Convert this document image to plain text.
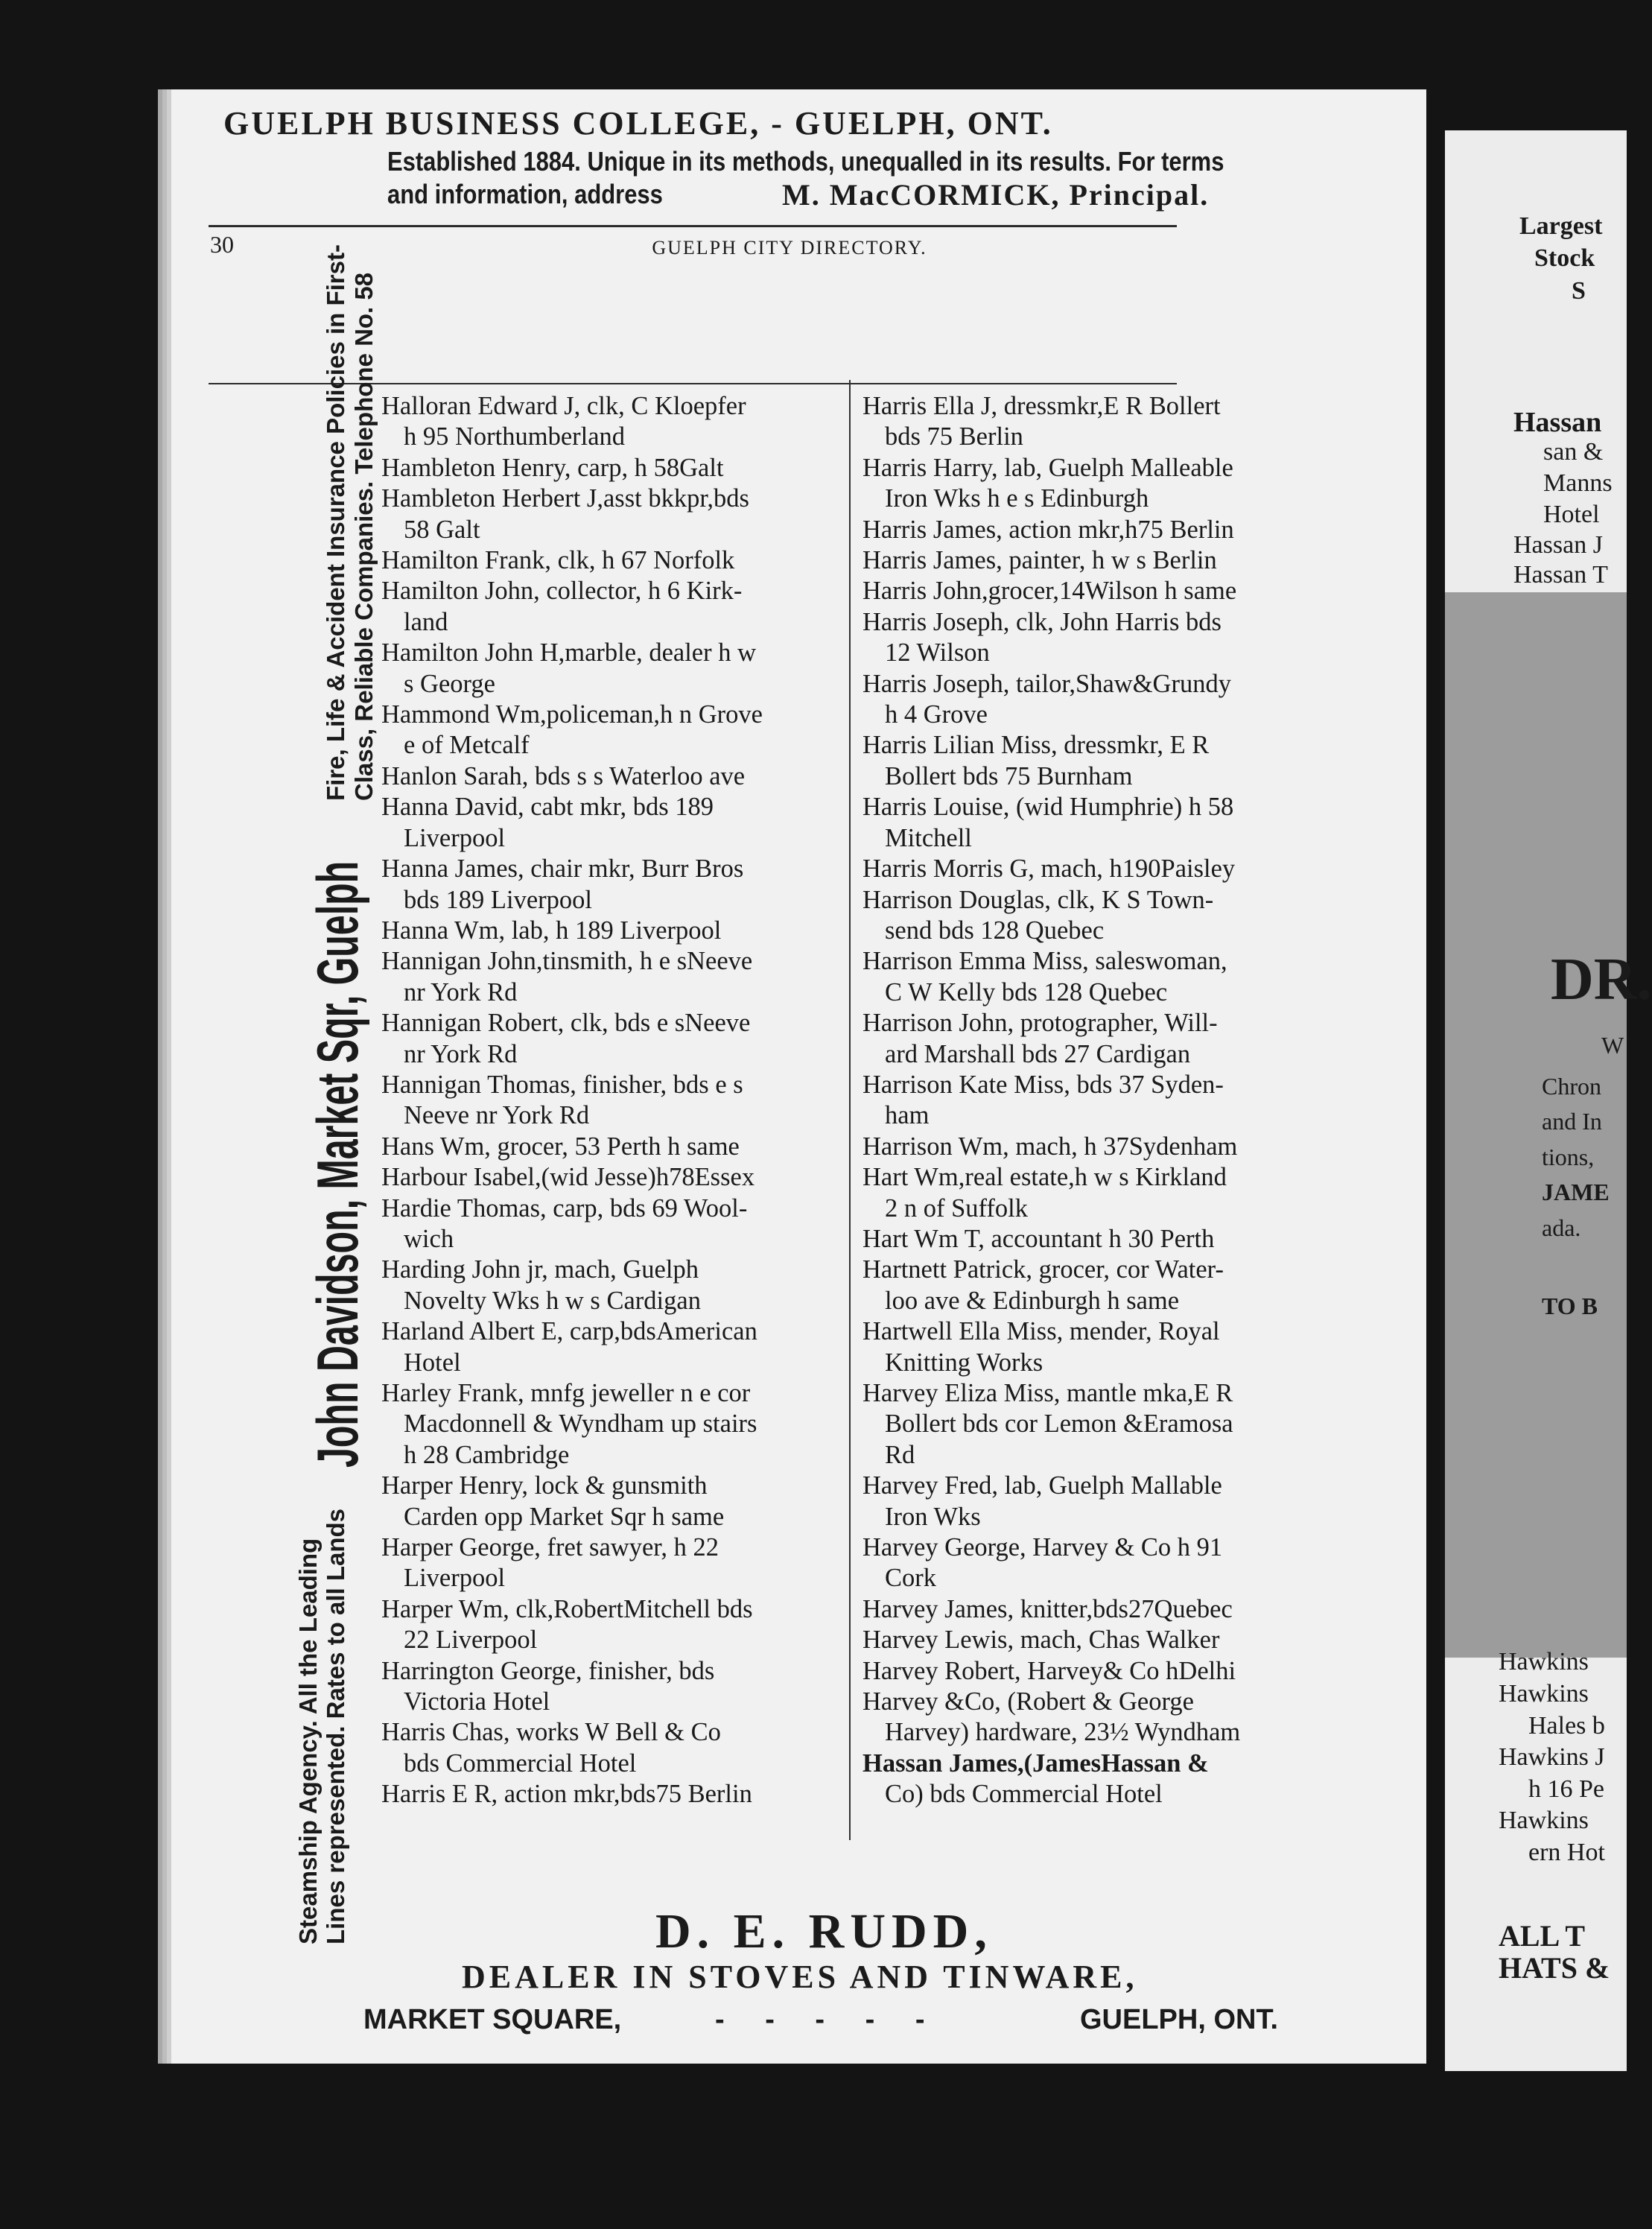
GUELPH BUSINESS COLLEGE, - GUELPH, ONT.
Established 1884. Unique in its methods, unequalled in its results. For terms
and information, address	M. MacCORMICK, Principal.
30	GUELPH CITY DIRECTORY.
Halloran Edward J, clk, C Kloepfer
h 95 Northumberland
Hambleton Henry, carp, h 58Galt
Hambleton Herbert J,asst bkkpr,bds
58 Galt
Hamilton Frank, clk, h 67 Norfolk
Hamilton John, collector, h 6 Kirk-
land
Hamilton John H,marble, dealer h w
s George
Hammond Wm,policeman,h n Grove
e of Metcalf
Hanlon Sarah, bds s s Waterloo ave
Hanna David, cabt mkr, bds 189
Liverpool
Hanna James, chair mkr, Burr Bros
bds 189 Liverpool
Hanna Wm, lab, h 189 Liverpool
Hannigan John,tinsmith, h e sNeeve
nr York Rd
Hannigan Robert, clk, bds e sNeeve
nr York Rd
Hannigan Thomas, finisher, bds e s
Neeve nr York Rd
Hans Wm, grocer, 53 Perth h same
Harbour Isabel,(wid Jesse)h78Essex
Hardie Thomas, carp, bds 69 Wool-
wich
Harding John jr, mach, Guelph
Novelty Wks h w s Cardigan
Harland Albert E, carp,bdsAmerican
Hotel
Harley Frank, mnfg jeweller n e cor
Macdonnell & Wyndham up stairs
h 28 Cambridge
Harper Henry, lock & gunsmith
Carden opp Market Sqr h same
Harper George, fret sawyer, h 22
Liverpool
Harper Wm, clk,RobertMitchell bds
22 Liverpool
Harrington George, finisher, bds
Victoria Hotel
Harris Chas, works W Bell & Co
bds Commercial Hotel
Harris E R, action mkr,bds75 Berlin
Harris Ella J, dressmkr,E R Bollert
bds 75 Berlin
Harris Harry, lab, Guelph Malleable
Iron Wks h e s Edinburgh
Harris James, action mkr,h75 Berlin
Harris James, painter, h w s Berlin
Harris John,grocer,14Wilson h same
Harris Joseph, clk, John Harris bds
12 Wilson
Harris Joseph, tailor,Shaw&Grundy
h 4 Grove
Harris Lilian Miss, dressmkr, E R
Bollert bds 75 Burnham
Harris Louise, (wid Humphrie) h 58
Mitchell
Harris Morris G, mach, h190Paisley
Harrison Douglas, clk, K S Town-
send bds 128 Quebec
Harrison Emma Miss, saleswoman,
C W Kelly bds 128 Quebec
Harrison John, protographer, Will-
ard Marshall bds 27 Cardigan
Harrison Kate Miss, bds 37 Syden-
ham
Harrison Wm, mach, h 37Sydenham
Hart Wm,real estate,h w s Kirkland
2 n of Suffolk
Hart Wm T, accountant h 30 Perth
Hartnett Patrick, grocer, cor Water-
loo ave & Edinburgh h same
Hartwell Ella Miss, mender, Royal
Knitting Works
Harvey Eliza Miss, mantle mka,E R
Bollert bds cor Lemon &Eramosa
Rd
Harvey Fred, lab, Guelph Mallable
Iron Wks
Harvey George, Harvey & Co h 91
Cork
Harvey James, knitter,bds27Quebec
Harvey Lewis, mach, Chas Walker
Harvey Robert, Harvey& Co hDelhi
Harvey &Co, (Robert & George
Harvey) hardware, 23½ Wyndham
Hassan James,(JamesHassan &
Co) bds Commercial Hotel
Steamship Agency. All the Leading Lines represented. Rates to all Lands
John Davidson, Market Sqr, Guelph
Fire, Life & Accident Insurance Policies in First- Class, Reliable Companies. Telephone No. 58
D. E. RUDD,
DEALER IN STOVES AND TINWARE,
MARKET SQUARE,	- - - - -	GUELPH, ONT.
Largest
Stock
S
Hassan
san &
Manns
Hotel
Hassan J
Hassan T
DR.
W
Chron
and In
tions,
JAME
ada.
TO B
Hawkins
Hawkins
Hales b
Hawkins J
h 16 Pe
Hawkins
ern Hot
ALL T
HATS &
